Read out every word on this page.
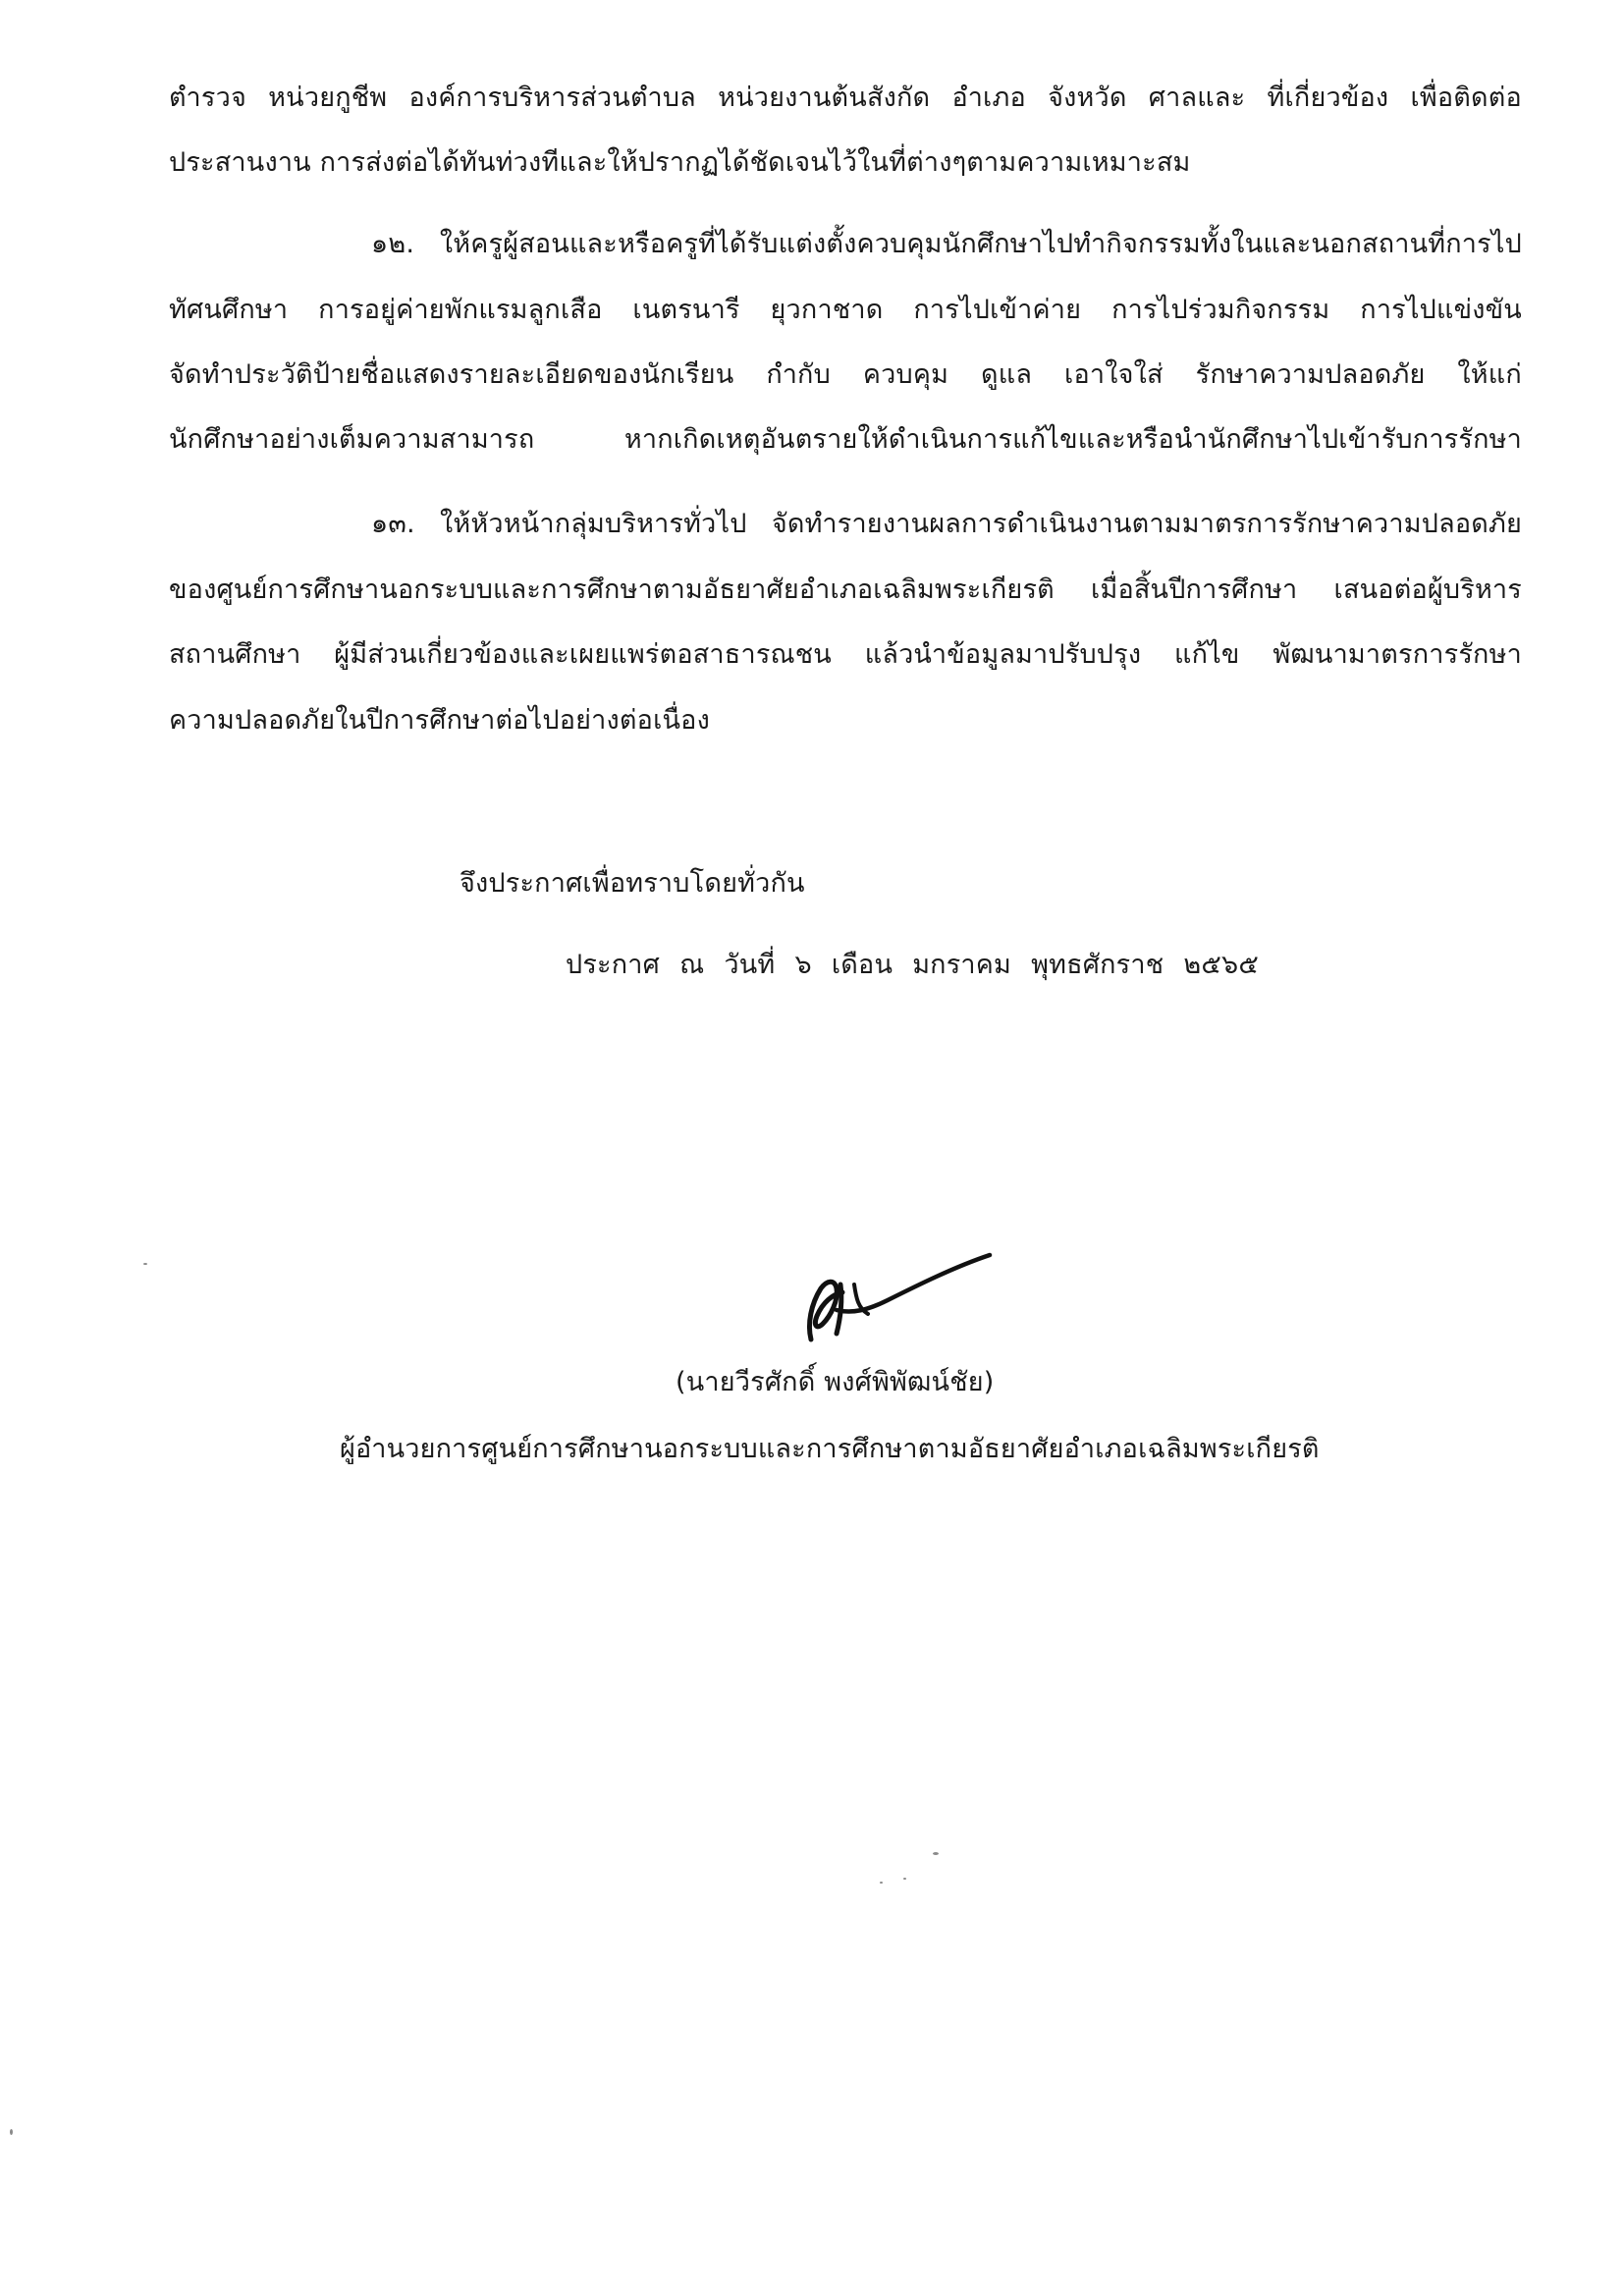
ตำรวจ หน่วยกูชีพ องค์การบริหารส่วนตำบล หน่วยงานต้นสังกัด อำเภอ จังหวัด ศาลและ ที่เกี่ยวข้อง เพื่อติดต่อ
ประสานงาน การส่งต่อได้ทันท่วงทีและให้ปรากฏได้ชัดเจนไว้ในที่ต่างๆตามความเหมาะสม
๑๒. ให้ครูผู้สอนและหรือครูที่ได้รับแต่งตั้งควบคุมนักศึกษาไปทำกิจกรรมทั้งในและนอกสถานที่การไป
ทัศนศึกษา การอยู่ค่ายพักแรมลูกเสือ เนตรนารี ยุวกาชาด การไปเข้าค่าย การไปร่วมกิจกรรม การไปแข่งขัน
จัดทำประวัติป้ายชื่อแสดงรายละเอียดของนักเรียน กำกับ ควบคุม ดูแล เอาใจใส่ รักษาความปลอดภัย ให้แก่
นักศึกษาอย่างเต็มความสามารถ	หากเกิดเหตุอันตรายให้ดำเนินการแก้ไขและหรือนำนักศึกษาไปเข้ารับการรักษา
๑๓. ให้หัวหน้ากลุ่มบริหารทั่วไป จัดทำรายงานผลการดำเนินงานตามมาตรการรักษาความปลอดภัย
ของศูนย์การศึกษานอกระบบและการศึกษาตามอัธยาศัยอำเภอเฉลิมพระเกียรติ เมื่อสิ้นปีการศึกษา เสนอต่อผู้บริหาร
สถานศึกษา ผู้มีส่วนเกี่ยวข้องและเผยแพร่ตอสาธารณชน แล้วนำข้อมูลมาปรับปรุง แก้ไข พัฒนามาตรการรักษา
ความปลอดภัยในปีการศึกษาต่อไปอย่างต่อเนื่อง
จึงประกาศเพื่อทราบโดยทั่วกัน
ประกาศ ณ วันที่ ๖ เดือน มกราคม พุทธศักราช ๒๕๖๕
(นายวีรศักดิ์ พงศ์พิพัฒน์ชัย)
ผู้อำนวยการศูนย์การศึกษานอกระบบและการศึกษาตามอัธยาศัยอำเภอเฉลิมพระเกียรติ
